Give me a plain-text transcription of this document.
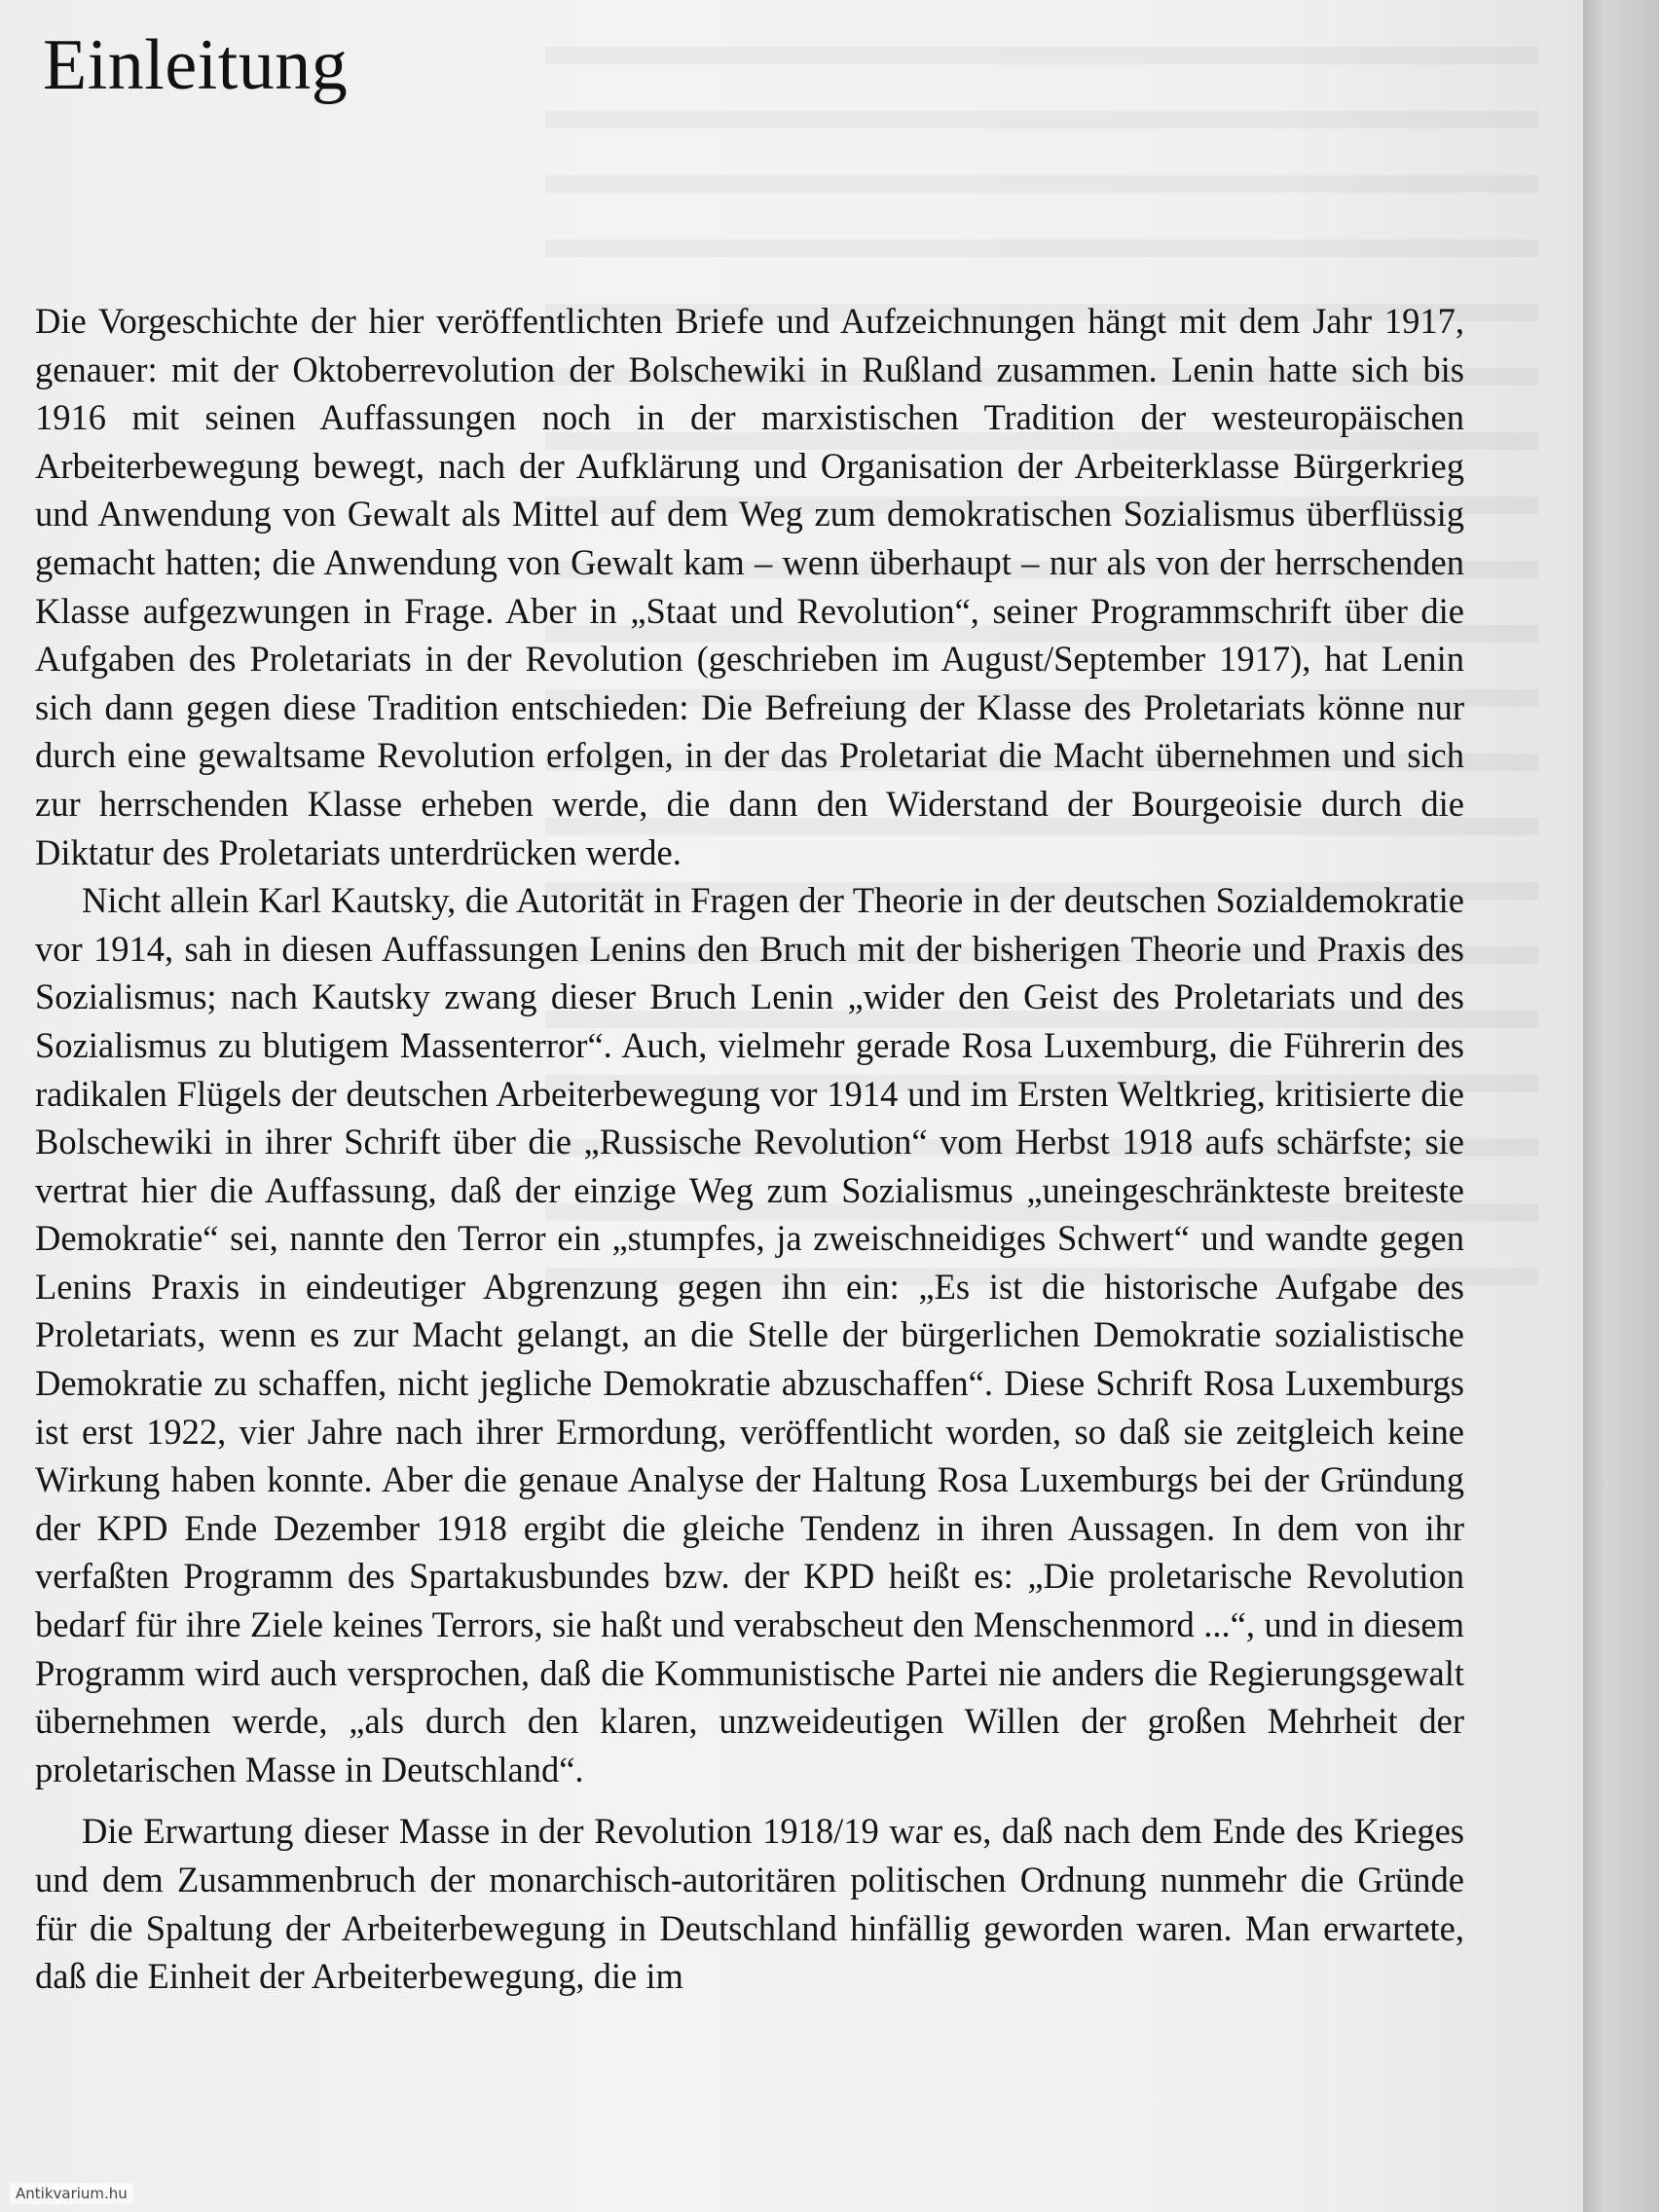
Einleitung

Die Vorgeschichte der hier veröffentlichten Briefe und Aufzeichnungen hängt mit dem Jahr 1917, genauer: mit der Oktoberrevolution der Bolschewiki in Rußland zusammen. Lenin hatte sich bis 1916 mit seinen Auffassungen noch in der marxistischen Tradition der westeuropäischen Arbeiterbewegung bewegt, nach der Aufklärung und Organisation der Arbeiterklasse Bürgerkrieg und Anwendung von Gewalt als Mittel auf dem Weg zum demokratischen Sozialismus überflüssig gemacht hatten; die Anwendung von Gewalt kam – wenn überhaupt – nur als von der herrschenden Klasse aufgezwungen in Frage. Aber in „Staat und Revolution“, seiner Programmschrift über die Aufgaben des Proletariats in der Revolution (geschrieben im August/September 1917), hat Lenin sich dann gegen diese Tradition entschieden: Die Befreiung der Klasse des Proletariats könne nur durch eine gewaltsame Revolution erfolgen, in der das Proletariat die Macht übernehmen und sich zur herrschenden Klasse erheben werde, die dann den Widerstand der Bourgeoisie durch die Diktatur des Proletariats unterdrücken werde.

Nicht allein Karl Kautsky, die Autorität in Fragen der Theorie in der deutschen Sozialdemokratie vor 1914, sah in diesen Auffassungen Lenins den Bruch mit der bisherigen Theorie und Praxis des Sozialismus; nach Kautsky zwang dieser Bruch Lenin „wider den Geist des Proletariats und des Sozialismus zu blutigem Massenterror“. Auch, vielmehr gerade Rosa Luxemburg, die Führerin des radikalen Flügels der deutschen Arbeiterbewegung vor 1914 und im Ersten Weltkrieg, kritisierte die Bolschewiki in ihrer Schrift über die „Russische Revolution“ vom Herbst 1918 aufs schärfste; sie vertrat hier die Auffassung, daß der einzige Weg zum Sozialismus „uneingeschränkteste breiteste Demokratie“ sei, nannte den Terror ein „stumpfes, ja zweischneidiges Schwert“ und wandte gegen Lenins Praxis in eindeutiger Abgrenzung gegen ihn ein: „Es ist die historische Aufgabe des Proletariats, wenn es zur Macht gelangt, an die Stelle der bürgerlichen Demokratie sozialistische Demokratie zu schaffen, nicht jegliche Demokratie abzuschaffen“. Diese Schrift Rosa Luxemburgs ist erst 1922, vier Jahre nach ihrer Ermordung, veröffentlicht worden, so daß sie zeitgleich keine Wirkung haben konnte. Aber die genaue Analyse der Haltung Rosa Luxemburgs bei der Gründung der KPD Ende Dezember 1918 ergibt die gleiche Tendenz in ihren Aussagen. In dem von ihr verfaßten Programm des Spartakusbundes bzw. der KPD heißt es: „Die proletarische Revolution bedarf für ihre Ziele keines Terrors, sie haßt und verabscheut den Menschenmord ...“, und in diesem Programm wird auch versprochen, daß die Kommunistische Partei nie anders die Regierungsgewalt übernehmen werde, „als durch den klaren, unzweideutigen Willen der großen Mehrheit der proletarischen Masse in Deutschland“.

Die Erwartung dieser Masse in der Revolution 1918/19 war es, daß nach dem Ende des Krieges und dem Zusammenbruch der monarchisch-autoritären politischen Ordnung nunmehr die Gründe für die Spaltung der Arbeiterbewegung in Deutschland hinfällig geworden waren. Man erwartete, daß die Einheit der Arbeiterbewegung, die im

Antikvarium.hu
